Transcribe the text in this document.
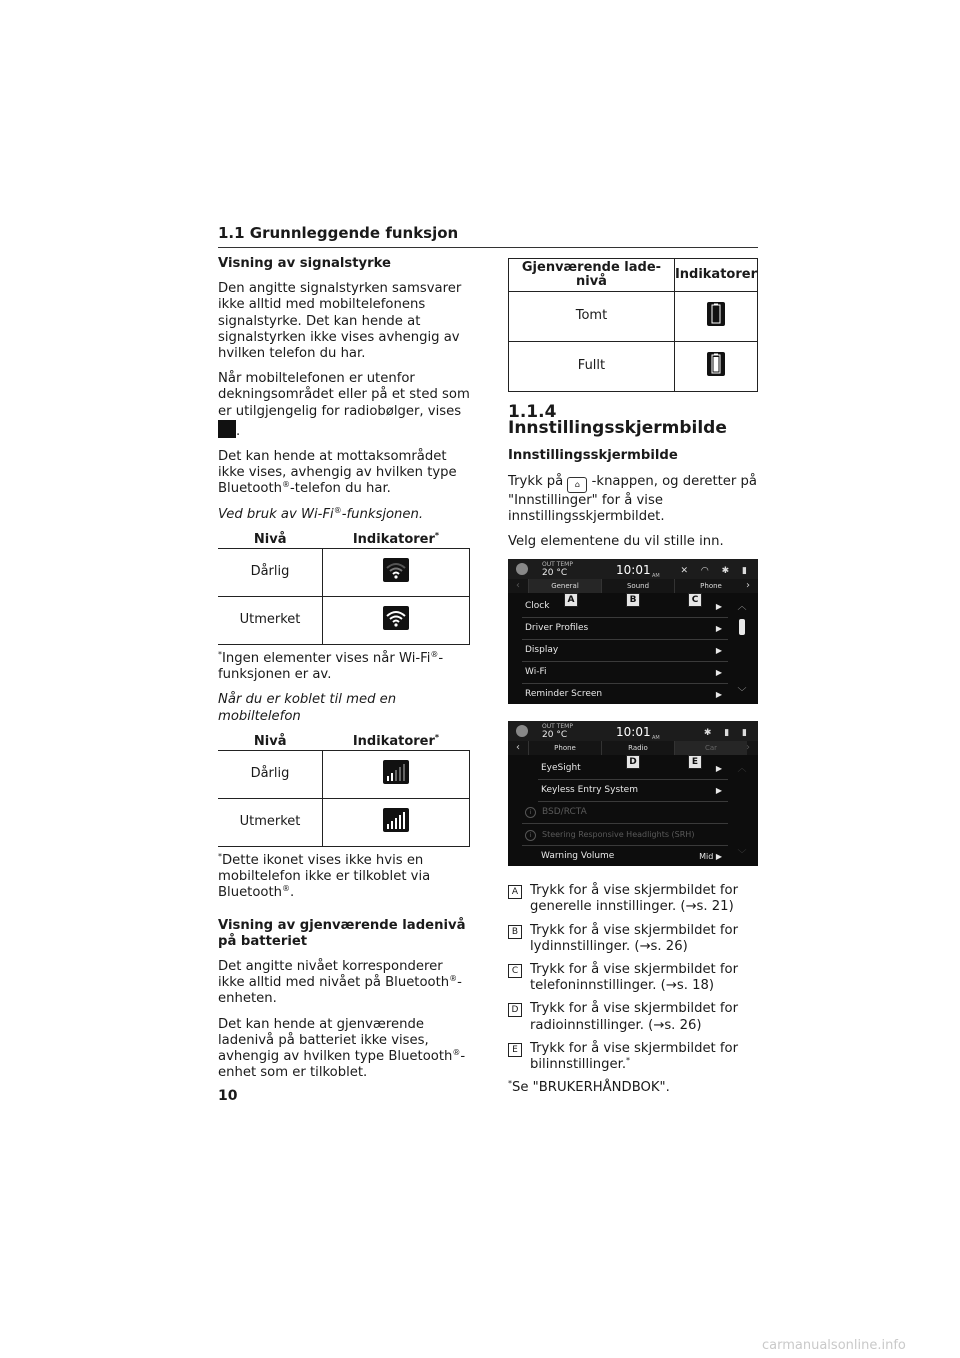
1.1 Grunnleggende funksjon

Visning av signalstyrke

Den angitte signalstyrken samsvarer ikke alltid med mobiltelefonens signalstyrke. Det kan hende at signalstyrken ikke vises avhengig av hvilken telefon du har.

Når mobiltelefonen er utenfor dekningsområdet eller på et sted som er utilgjengelig for radiobølger, vises .

Det kan hende at mottaksområdet ikke vises, avhengig av hvilken type Bluetooth®-telefon du har.

Ved bruk av Wi-Fi®-funksjonen.

Nivå	Indikatorer*
Dårlig	
Utmerket	

*Ingen elementer vises når Wi-Fi®-funksjonen er av.

Når du er koblet til med en mobiltelefon

Nivå	Indikatorer*
Dårlig	
Utmerket	

*Dette ikonet vises ikke hvis en mobiltelefon ikke er tilkoblet via Bluetooth®.

Visning av gjenværende ladenivå på batteriet

Det angitte nivået korresponderer ikke alltid med nivået på Bluetooth®-enheten.

Det kan hende at gjenværende ladenivå på batteriet ikke vises, avhengig av hvilken type Bluetooth®-enhet som er tilkoblet.

Gjenværende lade-nivå	Indikatorer
Tomt	
Fullt	
1.1.4 Innstillingsskjermbilde

Innstillingsskjermbilde

Trykk på ⌂ -knappen, og deretter på "Innstillinger" for å vise innstillingsskjermbildet.

Velg elementene du vil stille inn.

OUT TEMP
20 °C	10:01 AM ✕ ◠ ✱ ▮
‹	General	Sound	Phone	›
Clock	▶
Driver Profiles	▶
Display	▶
Wi-Fi	▶
Reminder Screen	▶
︿
﹀
A	B	C
OUT TEMP
20 °C	10:01 AM	✱ ▮ ▮
‹	Phone	Radio	Car	›
EyeSight	▶
Keyless Entry System	▶
i BSD/RCTA
i Steering Responsive Headlights (SRH)
Warning Volume	Mid ▶
︿
﹀
D	E
A Trykk for å vise skjermbildet for generelle innstillinger. (→s. 21)
B Trykk for å vise skjermbildet for lydinnstillinger. (→s. 26)
C Trykk for å vise skjermbildet for telefoninnstillinger. (→s. 18)
D Trykk for å vise skjermbildet for radioinnstillinger. (→s. 26)
E Trykk for å vise skjermbildet for bilinnstillinger.*

*Se "BRUKERHÅNDBOK".

10
carmanualsonline.info
